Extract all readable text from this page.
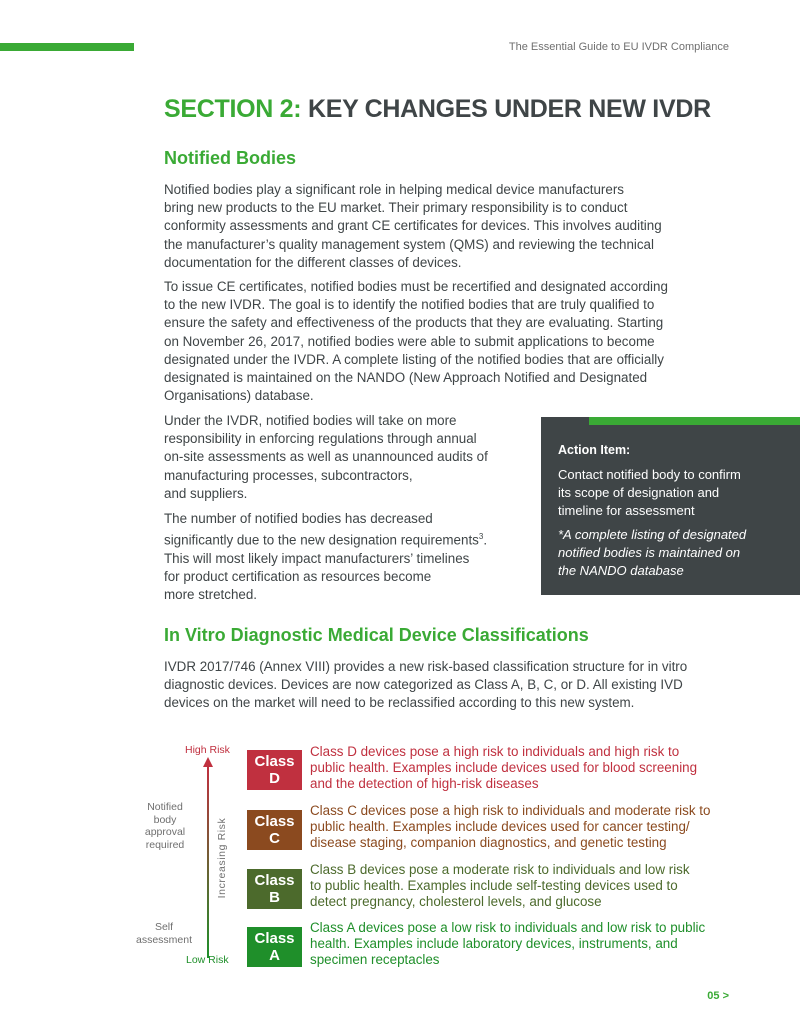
The Essential Guide to EU IVDR Compliance
SECTION 2: KEY CHANGES UNDER NEW IVDR
Notified Bodies
Notified bodies play a significant role in helping medical device manufacturers
bring new products to the EU market. Their primary responsibility is to conduct
conformity assessments and grant CE certificates for devices. This involves auditing
the manufacturer’s quality management system (QMS) and reviewing the technical
documentation for the different classes of devices.
To issue CE certificates, notified bodies must be recertified and designated according
to the new IVDR. The goal is to identify the notified bodies that are truly qualified to
ensure the safety and effectiveness of the products that they are evaluating. Starting
on November 26, 2017, notified bodies were able to submit applications to become
designated under the IVDR. A complete listing of the notified bodies that are officially
designated is maintained on the NANDO (New Approach Notified and Designated
Organisations) database.
Under the IVDR, notified bodies will take on more
responsibility in enforcing regulations through annual
on-site assessments as well as unannounced audits of
manufacturing processes, subcontractors,
and suppliers.
The number of notified bodies has decreased
significantly due to the new designation requirements$^3$.
This will most likely impact manufacturers’ timelines
for product certification as resources become
more stretched.
Action Item:
Contact notified body to confirm
its scope of designation and
timeline for assessment
*A complete listing of designated
notified bodies is maintained on
the NANDO database
In Vitro Diagnostic Medical Device Classifications
IVDR 2017/746 (Annex VIII) provides a new risk-based classification structure for in vitro
diagnostic devices. Devices are now categorized as Class A, B, C, or D. All existing IVD
devices on the market will need to be reclassified according to this new system.
High Risk
Increasing Risk
Low Risk
Notified
body
approval
required
Self
assessment
Class
D
Class D devices pose a high risk to individuals and high risk to
public health. Examples include devices used for blood screening
and the detection of high-risk diseases
Class
C
Class C devices pose a high risk to individuals and moderate risk to
public health. Examples include devices used for cancer testing/
disease staging, companion diagnostics, and genetic testing
Class
B
Class B devices pose a moderate risk to individuals and low risk
to public health. Examples include self-testing devices used to
detect pregnancy, cholesterol levels, and glucose
Class
A
Class A devices pose a low risk to individuals and low risk to public
health. Examples include laboratory devices, instruments, and
specimen receptacles
05 >
